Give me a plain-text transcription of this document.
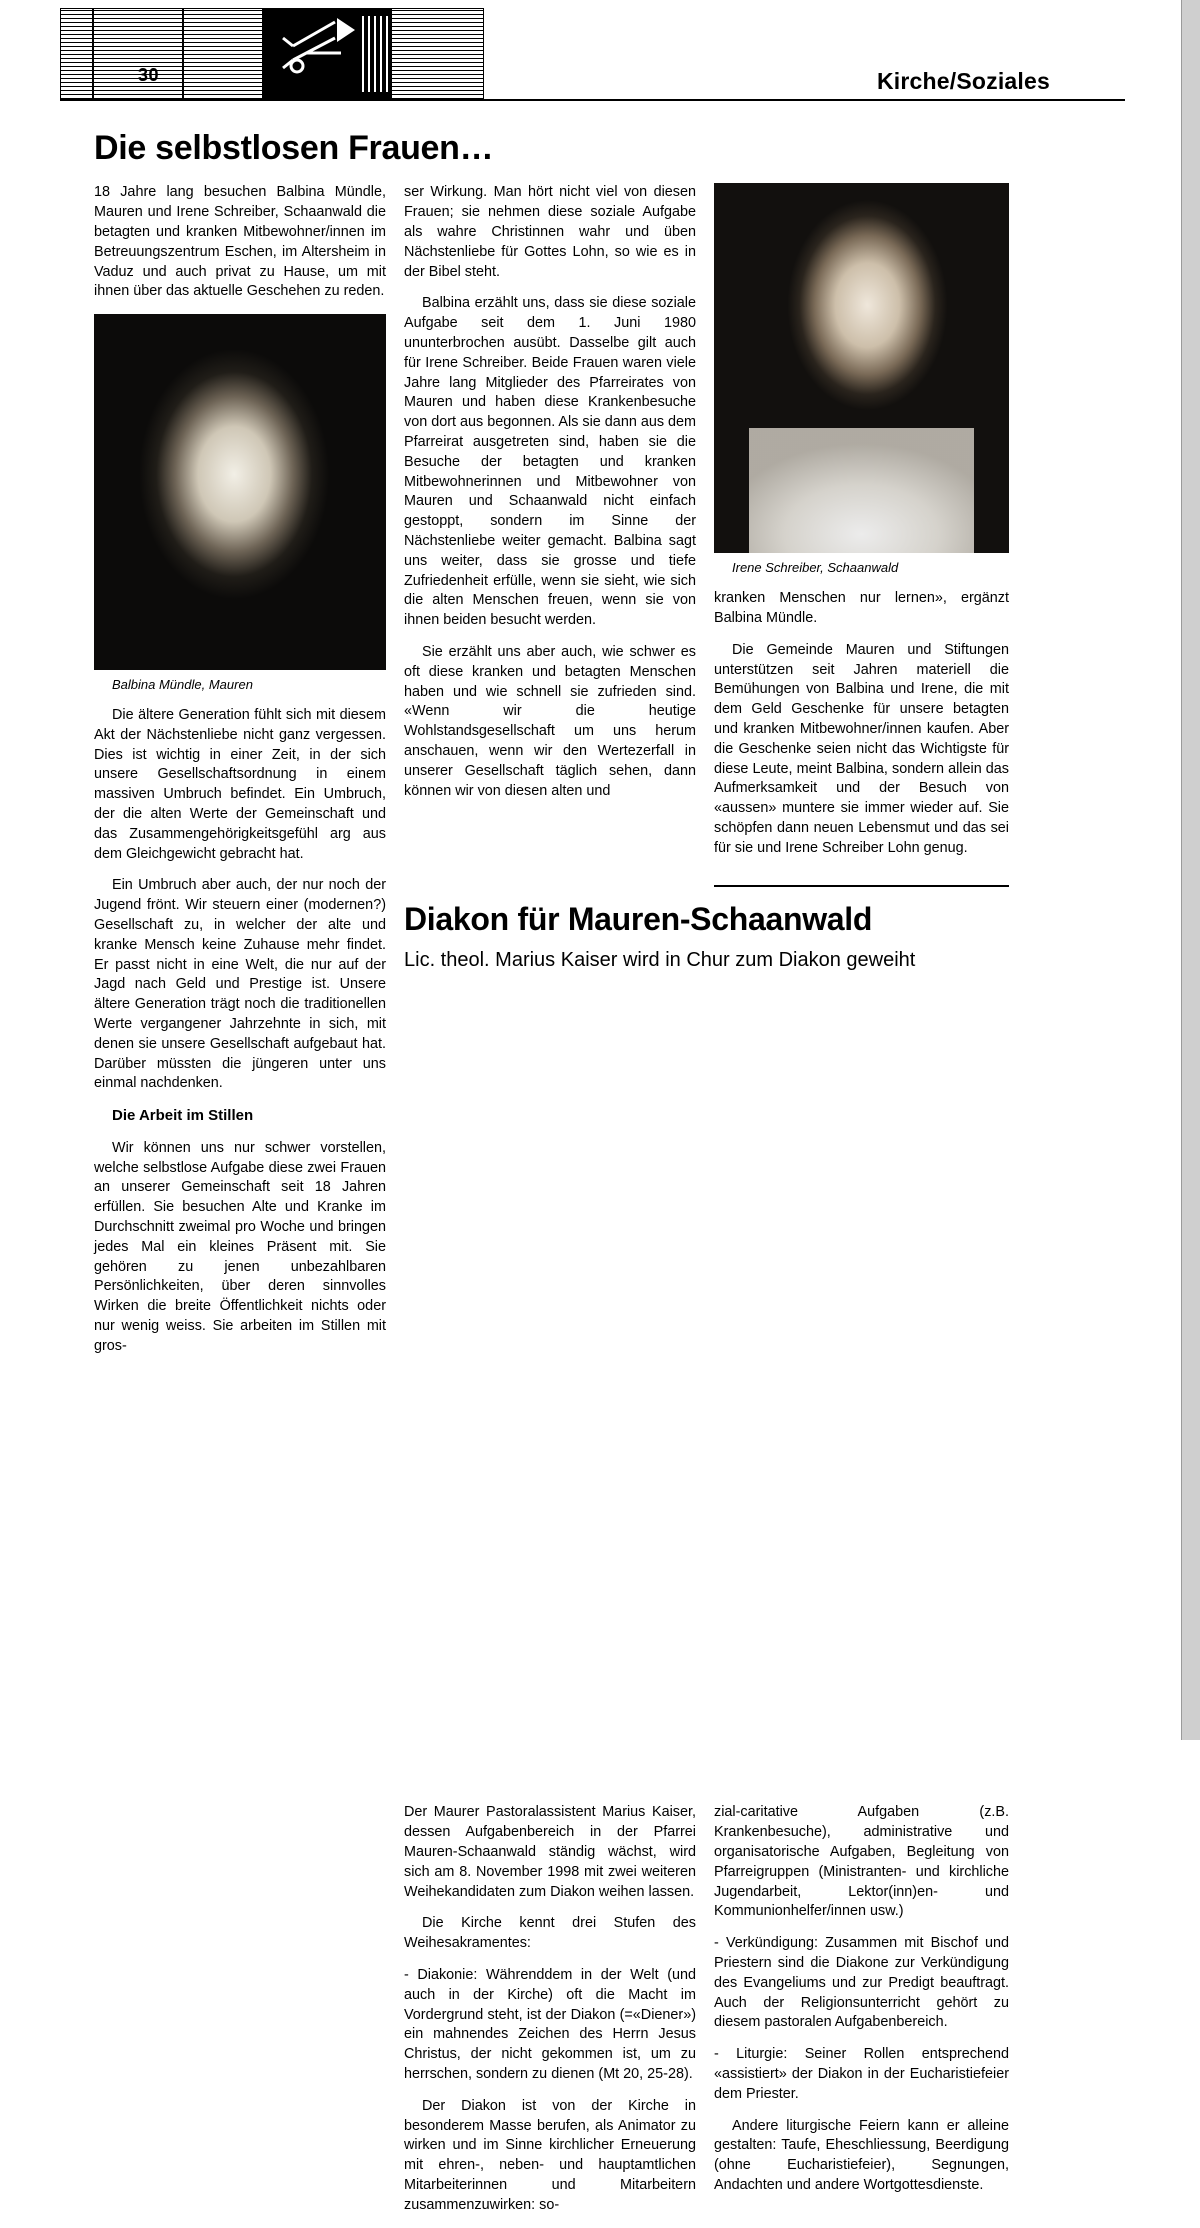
30	Kirche/Soziales
Die selbstlosen Frauen…

18 Jahre lang besuchen Balbina Mündle, Mauren und Irene Schreiber, Schaanwald die betagten und kranken Mitbewohner/innen im Betreuungszentrum Eschen, im Altersheim in Vaduz und auch privat zu Hause, um mit ihnen über das aktuelle Geschehen zu reden.

Balbina Mündle, Mauren

Die ältere Generation fühlt sich mit diesem Akt der Nächstenliebe nicht ganz vergessen. Dies ist wichtig in einer Zeit, in der sich unsere Gesellschaftsordnung in einem massiven Umbruch befindet. Ein Umbruch, der die alten Werte der Gemeinschaft und das Zusammengehörigkeitsgefühl arg aus dem Gleichgewicht gebracht hat.

Ein Umbruch aber auch, der nur noch der Jugend frönt. Wir steuern einer (modernen?) Gesellschaft zu, in welcher der alte und kranke Mensch keine Zuhause mehr findet. Er passt nicht in eine Welt, die nur auf der Jagd nach Geld und Prestige ist. Unsere ältere Generation trägt noch die traditionellen Werte vergangener Jahrzehnte in sich, mit denen sie unsere Gesellschaft aufgebaut hat. Darüber müssten die jüngeren unter uns einmal nachdenken.

Die Arbeit im Stillen

Wir können uns nur schwer vorstellen, welche selbstlose Aufgabe diese zwei Frauen an unserer Gemeinschaft seit 18 Jahren erfüllen. Sie besuchen Alte und Kranke im Durchschnitt zweimal pro Woche und bringen jedes Mal ein kleines Präsent mit. Sie gehören zu jenen unbezahlbaren Persönlichkeiten, über deren sinnvolles Wirken die breite Öffentlichkeit nichts oder nur wenig weiss. Sie arbeiten im Stillen mit gros-

ser Wirkung. Man hört nicht viel von diesen Frauen; sie nehmen diese soziale Aufgabe als wahre Christinnen wahr und üben Nächstenliebe für Gottes Lohn, so wie es in der Bibel steht.

Balbina erzählt uns, dass sie diese soziale Aufgabe seit dem 1. Juni 1980 ununterbrochen ausübt. Dasselbe gilt auch für Irene Schreiber. Beide Frauen waren viele Jahre lang Mitglieder des Pfarreirates von Mauren und haben diese Krankenbesuche von dort aus begonnen. Als sie dann aus dem Pfarreirat ausgetreten sind, haben sie die Besuche der betagten und kranken Mitbewohnerinnen und Mitbewohner von Mauren und Schaanwald nicht einfach gestoppt, sondern im Sinne der Nächstenliebe weiter gemacht. Balbina sagt uns weiter, dass sie grosse und tiefe Zufriedenheit erfülle, wenn sie sieht, wie sich die alten Menschen freuen, wenn sie von ihnen beiden besucht werden.

Sie erzählt uns aber auch, wie schwer es oft diese kranken und betagten Menschen haben und wie schnell sie zufrieden sind. «Wenn wir die heutige Wohlstandsgesellschaft um uns herum anschauen, wenn wir den Wertezerfall in unserer Gesellschaft täglich sehen, dann können wir von diesen alten und

Irene Schreiber, Schaanwald

kranken Menschen nur lernen», ergänzt Balbina Mündle.

Die Gemeinde Mauren und Stiftungen unterstützen seit Jahren materiell die Bemühungen von Balbina und Irene, die mit dem Geld Geschenke für unsere betagten und kranken Mitbewohner/innen kaufen. Aber die Geschenke seien nicht das Wichtigste für diese Leute, meint Balbina, sondern allein das Aufmerksamkeit und der Besuch von «aussen» muntere sie immer wieder auf. Sie schöpfen dann neuen Lebensmut und das sei für sie und Irene Schreiber Lohn genug.

Diakon für Mauren-Schaanwald
Lic. theol. Marius Kaiser wird in Chur zum Diakon geweiht

Der Maurer Pastoralassistent Marius Kaiser, dessen Aufgabenbereich in der Pfarrei Mauren-Schaanwald ständig wächst, wird sich am 8. November 1998 mit zwei weiteren Weihekandidaten zum Diakon weihen lassen.

Die Kirche kennt drei Stufen des Weihesakramentes:

- Diakonie: Währenddem in der Welt (und auch in der Kirche) oft die Macht im Vordergrund steht, ist der Diakon (=«Diener») ein mahnendes Zeichen des Herrn Jesus Christus, der nicht gekommen ist, um zu herrschen, sondern zu dienen (Mt 20, 25-28).

Der Diakon ist von der Kirche in besonderem Masse berufen, als Animator zu wirken und im Sinne kirchlicher Erneuerung mit ehren-, neben- und hauptamtlichen Mitarbeiterinnen und Mitarbeitern zusammenzuwirken: so-

zial-caritative Aufgaben (z.B. Krankenbesuche), administrative und organisatorische Aufgaben, Begleitung von Pfarreigruppen (Ministranten- und kirchliche Jugendarbeit, Lektor(inn)en- und Kommunionhelfer/innen usw.)

- Verkündigung: Zusammen mit Bischof und Priestern sind die Diakone zur Verkündigung des Evangeliums und zur Predigt beauftragt. Auch der Religionsunterricht gehört zu diesem pastoralen Aufgabenbereich.

- Liturgie: Seiner Rollen entsprechend «assistiert» der Diakon in der Eucharistiefeier dem Priester.

Andere liturgische Feiern kann er alleine gestalten: Taufe, Eheschliessung, Beerdigung (ohne Eucharistiefeier), Segnungen, Andachten und andere Wortgottesdienste.
